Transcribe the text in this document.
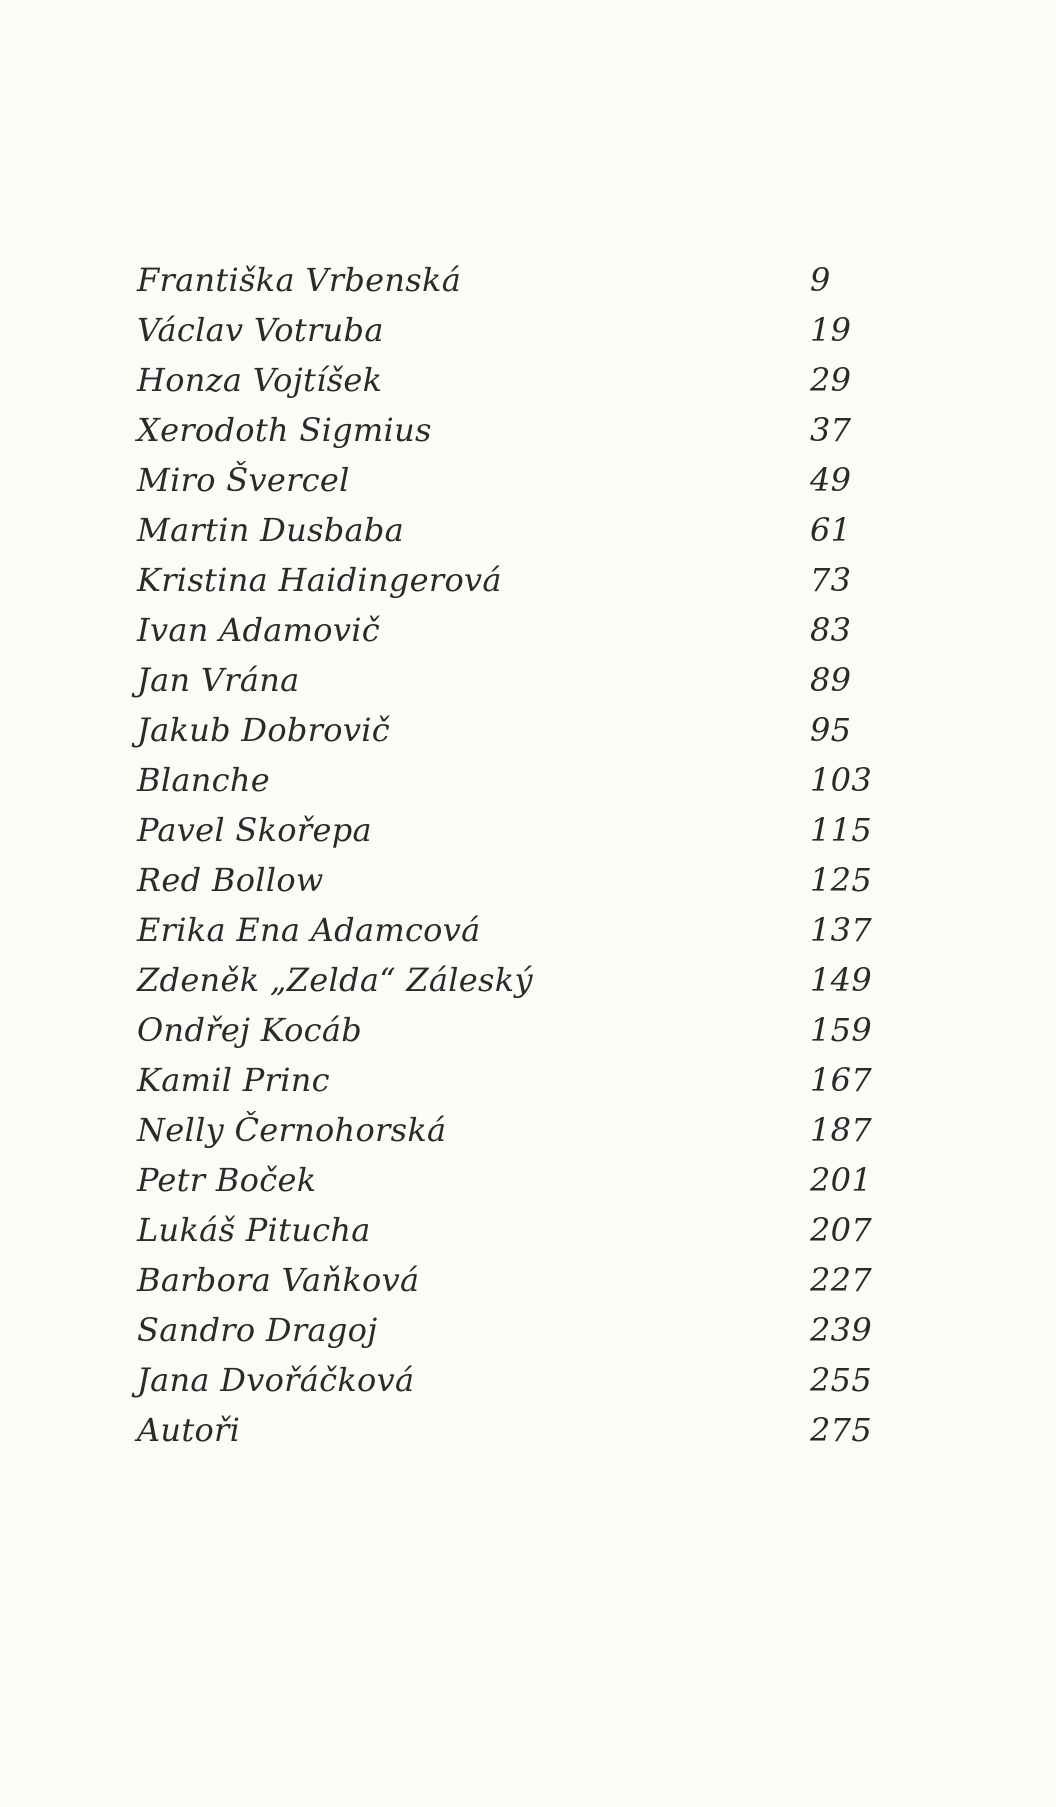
Františka Vrbenská	9
Václav Votruba	19
Honza Vojtíšek	29
Xerodoth Sigmius	37
Miro Švercel	49
Martin Dusbaba	61
Kristina Haidingerová	73
Ivan Adamovič	83
Jan Vrána	89
Jakub Dobrovič	95
Blanche	103
Pavel Skořepa	115
Red Bollow	125
Erika Ena Adamcová	137
Zdeněk „Zelda“ Záleský	149
Ondřej Kocáb	159
Kamil Princ	167
Nelly Černohorská	187
Petr Boček	201
Lukáš Pitucha	207
Barbora Vaňková	227
Sandro Dragoj	239
Jana Dvořáčková	255
Autoři	275
